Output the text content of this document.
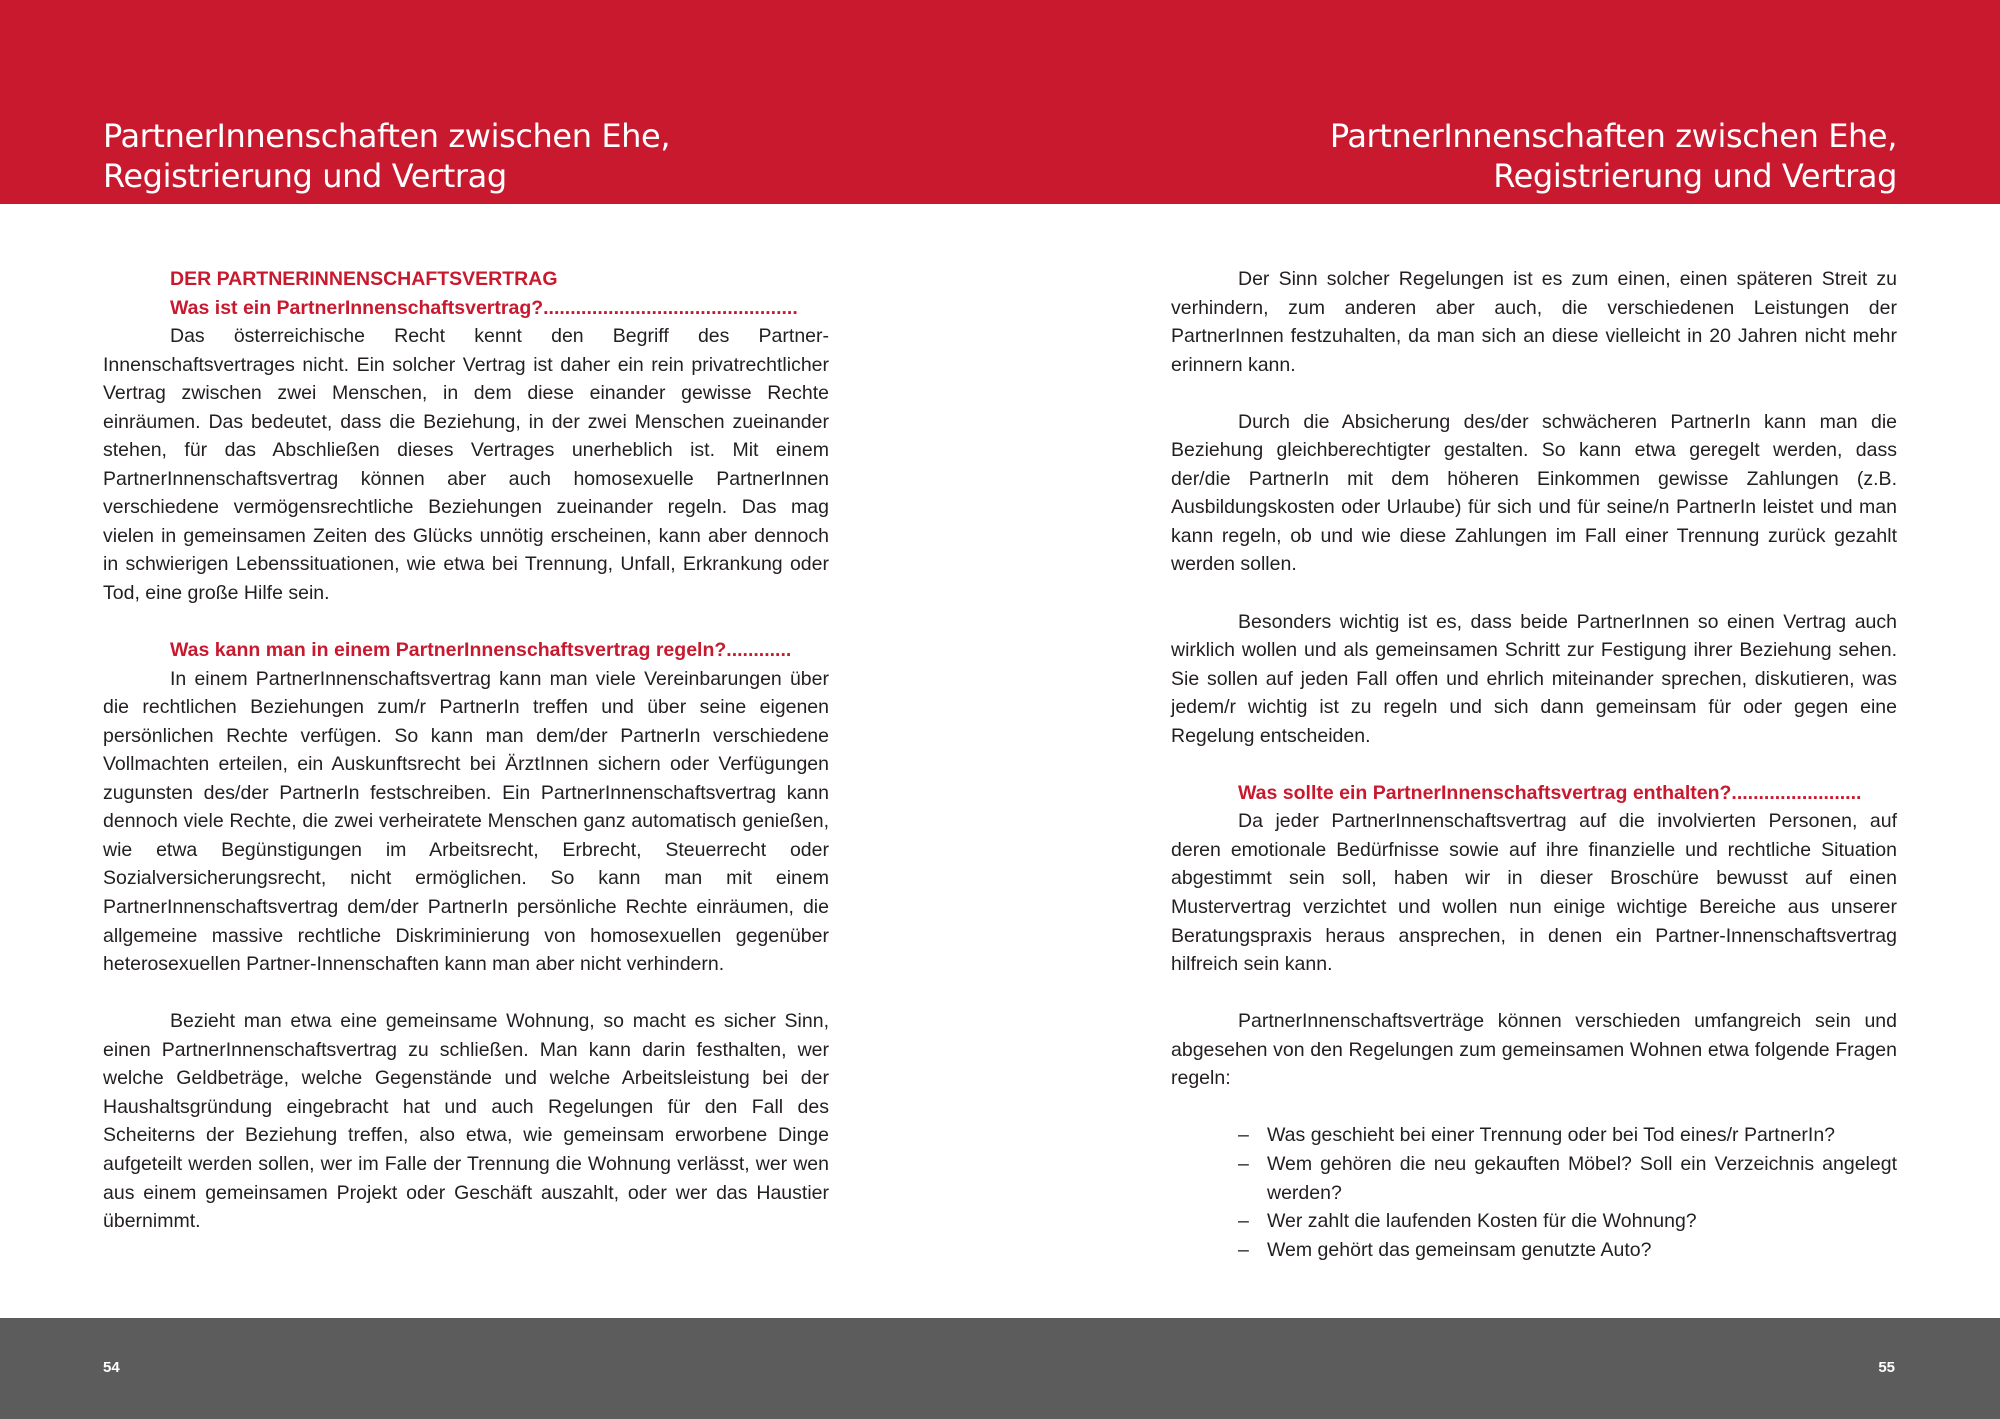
PartnerInnenschaften zwischen Ehe,
Registrierung und Vertrag
PartnerInnenschaften zwischen Ehe,
Registrierung und Vertrag
DER PARTNERINNENSCHAFTSVERTRAG
Was ist ein PartnerInnenschaftsvertrag?...............................................

Das österreichische Recht kennt den Begriff des Partner-Innenschaftsvertrages nicht. Ein solcher Vertrag ist daher ein rein privatrechtlicher Vertrag zwischen zwei Menschen, in dem diese einander gewisse Rechte einräumen. Das bedeutet, dass die Beziehung, in der zwei Menschen zueinander stehen, für das Abschließen dieses Vertrages unerheblich ist. Mit einem PartnerInnenschaftsvertrag können aber auch homosexuelle PartnerInnen verschiedene vermögensrechtliche Beziehungen zueinander regeln. Das mag vielen in gemeinsamen Zeiten des Glücks unnötig erscheinen, kann aber dennoch in schwierigen Lebenssituationen, wie etwa bei Trennung, Unfall, Erkrankung oder Tod, eine große Hilfe sein.

Was kann man in einem PartnerInnenschaftsvertrag regeln?............

In einem PartnerInnenschaftsvertrag kann man viele Vereinbarungen über die rechtlichen Beziehungen zum/r PartnerIn treffen und über seine eigenen persönlichen Rechte verfügen. So kann man dem/der PartnerIn verschiedene Vollmachten erteilen, ein Auskunftsrecht bei ÄrztInnen sichern oder Verfügungen zugunsten des/der PartnerIn festschreiben. Ein PartnerInnenschaftsvertrag kann dennoch viele Rechte, die zwei verheiratete Menschen ganz automatisch genießen, wie etwa Begünstigungen im Arbeitsrecht, Erbrecht, Steuerrecht oder Sozialversicherungsrecht, nicht ermöglichen. So kann man mit einem PartnerInnenschaftsvertrag dem/der PartnerIn persönliche Rechte einräumen, die allgemeine massive rechtliche Diskriminierung von homosexuellen gegenüber heterosexuellen Partner-Innenschaften kann man aber nicht verhindern.

Bezieht man etwa eine gemeinsame Wohnung, so macht es sicher Sinn, einen PartnerInnenschaftsvertrag zu schließen. Man kann darin festhalten, wer welche Geldbeträge, welche Gegenstände und welche Arbeitsleistung bei der Haushaltsgründung eingebracht hat und auch Regelungen für den Fall des Scheiterns der Beziehung treffen, also etwa, wie gemeinsam erworbene Dinge aufgeteilt werden sollen, wer im Falle der Trennung die Wohnung verlässt, wer wen aus einem gemeinsamen Projekt oder Geschäft auszahlt, oder wer das Haustier übernimmt.

Der Sinn solcher Regelungen ist es zum einen, einen späteren Streit zu verhindern, zum anderen aber auch, die verschiedenen Leistungen der PartnerInnen festzuhalten, da man sich an diese vielleicht in 20 Jahren nicht mehr erinnern kann.

Durch die Absicherung des/der schwächeren PartnerIn kann man die Beziehung gleichberechtigter gestalten. So kann etwa geregelt werden, dass der/die PartnerIn mit dem höheren Einkommen gewisse Zahlungen (z.B. Ausbildungskosten oder Urlaube) für sich und für seine/n PartnerIn leistet und man kann regeln, ob und wie diese Zahlungen im Fall einer Trennung zurück gezahlt werden sollen.

Besonders wichtig ist es, dass beide PartnerInnen so einen Vertrag auch wirklich wollen und als gemeinsamen Schritt zur Festigung ihrer Beziehung sehen. Sie sollen auf jeden Fall offen und ehrlich miteinander sprechen, diskutieren, was jedem/r wichtig ist zu regeln und sich dann gemeinsam für oder gegen eine Regelung entscheiden.

Was sollte ein PartnerInnenschaftsvertrag enthalten?........................

Da jeder PartnerInnenschaftsvertrag auf die involvierten Personen, auf deren emotionale Bedürfnisse sowie auf ihre finanzielle und rechtliche Situation abgestimmt sein soll, haben wir in dieser Broschüre bewusst auf einen Mustervertrag verzichtet und wollen nun einige wichtige Bereiche aus unserer Beratungspraxis heraus ansprechen, in denen ein Partner-Innenschaftsvertrag hilfreich sein kann.

PartnerInnenschaftsverträge können verschieden umfangreich sein und abgesehen von den Regelungen zum gemeinsamen Wohnen etwa folgende Fragen regeln:

– Was geschieht bei einer Trennung oder bei Tod eines/r PartnerIn?
– Wem gehören die neu gekauften Möbel? Soll ein Verzeichnis angelegt werden?
– Wer zahlt die laufenden Kosten für die Wohnung?
– Wem gehört das gemeinsam genutzte Auto?
54	55
